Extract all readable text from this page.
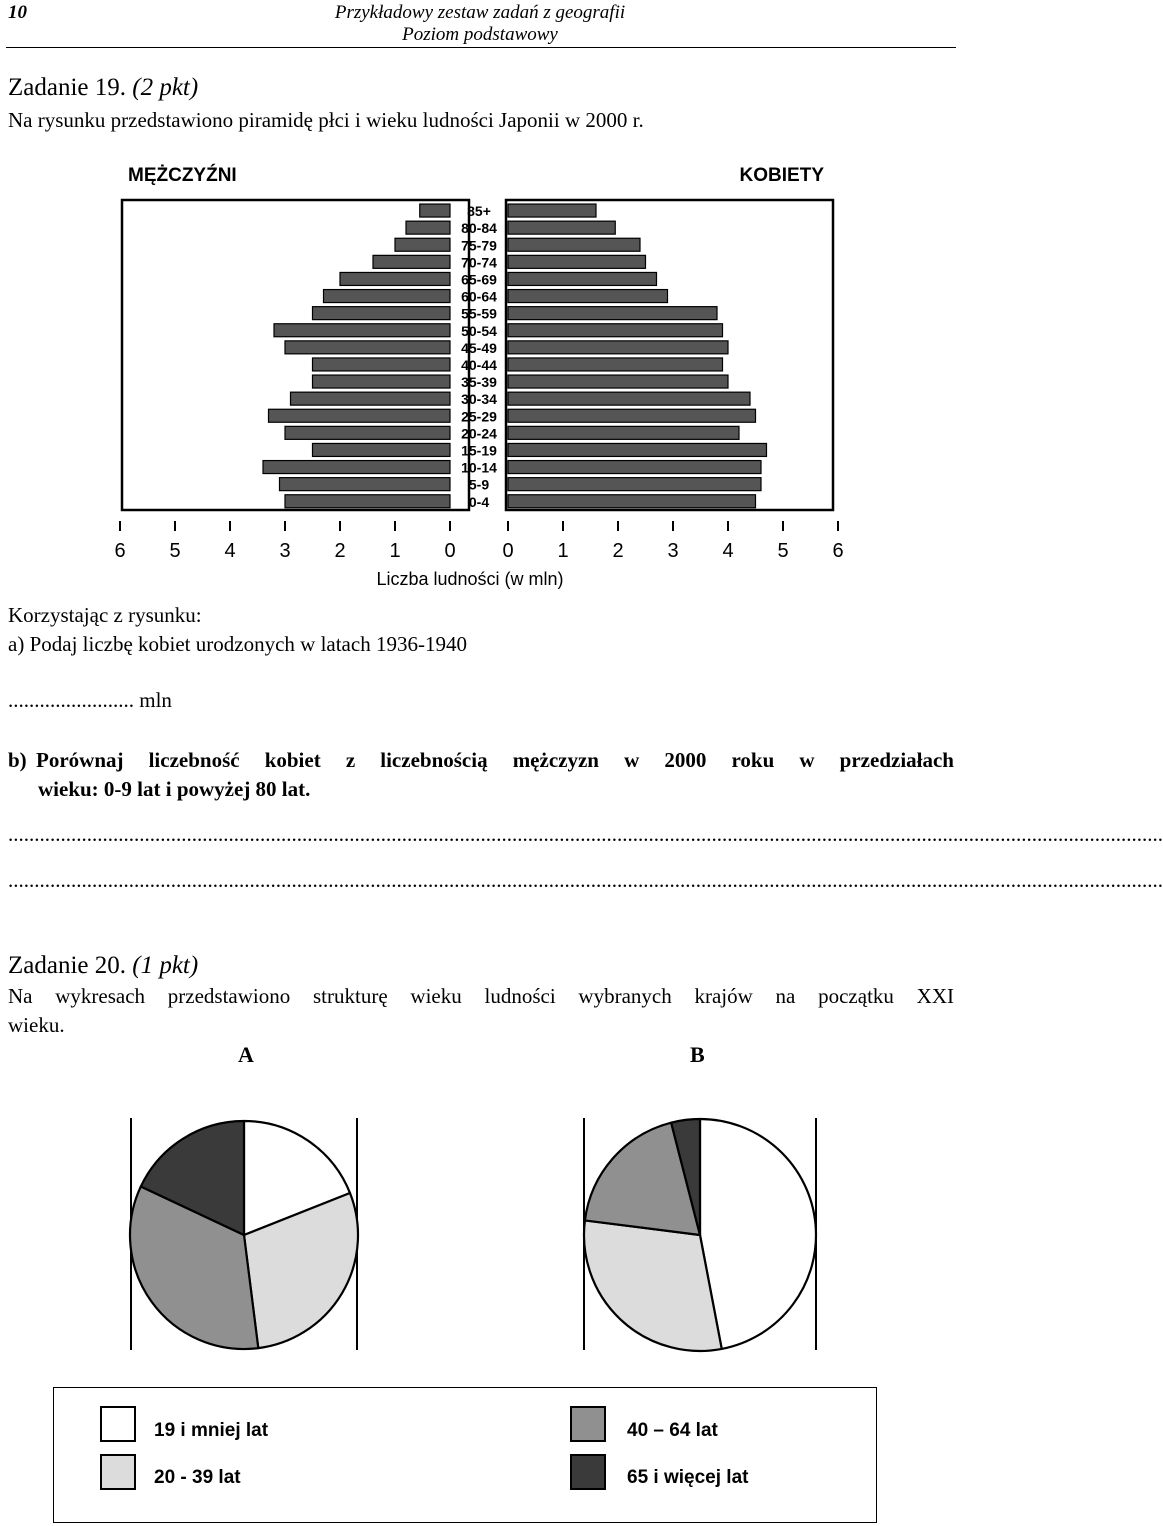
10	Przykładowy zestaw zadań z geografii
Poziom podstawowy
Zadanie 19. (2 pkt)
Na rysunku przedstawiono piramidę płci i wieku ludności Japonii w 2000 r.
MĘŻCZYŹNI	KOBIETY
85+
80-84
75-79
70-74
65-69
60-64
55-59
50-54
45-49
40-44
35-39
30-34
25-29
20-24
15-19
10-14
5-9
0-4
6 5 4 3 2 1 0 0 1 2 3 4 5 6
Liczba ludności (w mln)
Korzystając z rysunku:
a) Podaj liczbę kobiet urodzonych w latach 1936-1940
........................ mln
b) Porównaj liczebność kobiet z liczebnością mężczyzn w 2000 roku w przedziałach
wieku: 0-9 lat i powyżej 80 lat.
............................................................................................................................................................................................................................
............................................................................................................................................................................................................................
Zadanie 20. (1 pkt)
Na wykresach przedstawiono strukturę wieku ludności wybranych krajów na początku XXI
wieku.
A	B
19 i mniej lat
20 - 39 lat
40 – 64 lat
65 i więcej lat
